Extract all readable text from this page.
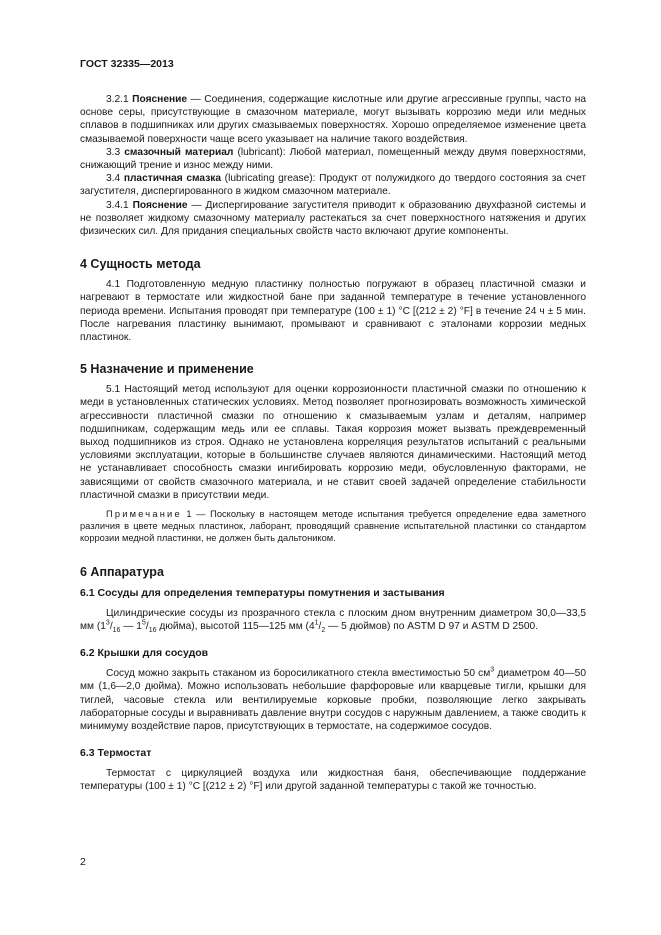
ГОСТ 32335—2013

3.2.1 Пояснение — Соединения, содержащие кислотные или другие агрессивные группы, часто на основе серы, присутствующие в смазочном материале, могут вызывать коррозию меди или медных сплавов в подшипниках или других смазываемых поверхностях. Хорошо определяемое изменение цвета смазываемой поверхности чаще всего указывает на наличие такого воздействия.

3.3 смазочный материал (lubricant): Любой материал, помещенный между двумя поверхностями, снижающий трение и износ между ними.

3.4 пластичная смазка (lubricating grease): Продукт от полужидкого до твердого состояния за счет загустителя, диспергированного в жидком смазочном материале.

3.4.1 Пояснение — Диспергирование загустителя приводит к образованию двухфазной системы и не позволяет жидкому смазочному материалу растекаться за счет поверхностного натяжения и других физических сил. Для придания специальных свойств часто включают другие компоненты.

4 Сущность метода

4.1 Подготовленную медную пластинку полностью погружают в образец пластичной смазки и нагревают в термостате или жидкостной бане при заданной температуре в течение установленного периода времени. Испытания проводят при температуре (100 ± 1) °С [(212 ± 2) °F] в течение 24 ч ± 5 мин. После нагревания пластинку вынимают, промывают и сравнивают с эталонами коррозии медных пластинок.

5 Назначение и применение

5.1 Настоящий метод используют для оценки коррозионности пластичной смазки по отношению к меди в установленных статических условиях. Метод позволяет прогнозировать возможность химической агрессивности пластичной смазки по отношению к смазываемым узлам и деталям, например подшипникам, содержащим медь или ее сплавы. Такая коррозия может вызвать преждевременный выход подшипников из строя. Однако не установлена корреляция результатов испытаний с реальными условиями эксплуатации, которые в большинстве случаев являются динамическими. Настоящий метод не устанавливает способность смазки ингибировать коррозию меди, обусловленную факторами, не зависящими от свойств смазочного материала, и не ставит своей задачей определение стабильности пластичной смазки в присутствии меди.

Примечание 1 — Поскольку в настоящем методе испытания требуется определение едва заметного различия в цвете медных пластинок, лаборант, проводящий сравнение испытательной пластинки со стандартом коррозии медной пластинки, не должен быть дальтоником.
6 Аппаратура
6.1 Сосуды для определения температуры помутнения и застывания

Цилиндрические сосуды из прозрачного стекла с плоским дном внутренним диаметром 30,0—33,5 мм ($1^3/_{16}$ — $1^5/_{16}$ дюйма), высотой 115—125 мм ($4^1/_2$ — 5 дюймов) по ASTM D 97 и ASTM D 2500.

6.2 Крышки для сосудов

Сосуд можно закрыть стаканом из боросиликатного стекла вместимостью 50 $см^3$ диаметром 40—50 мм (1,6—2,0 дюйма). Можно использовать небольшие фарфоровые или кварцевые тигли, крышки для тиглей, часовые стекла или вентилируемые корковые пробки, позволяющие легко закрывать лабораторные сосуды и выравнивать давление внутри сосудов с наружным давлением, а также сводить к минимуму воздействие паров, присутствующих в термостате, на содержимое сосудов.

6.3 Термостат

Термостат с циркуляцией воздуха или жидкостная баня, обеспечивающие поддержание температуры (100 ± 1) °С [(212 ± 2) °F] или другой заданной температуры с такой же точностью.

2
